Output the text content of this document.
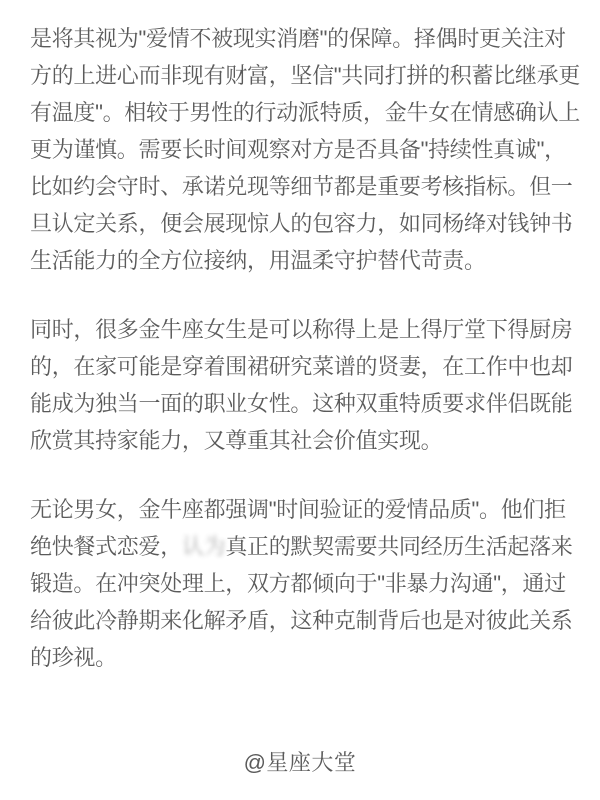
是将其视为"爱情不被现实消磨"的保障。择偶时更关注对
方的上进心而非现有财富，坚信"共同打拼的积蓄比继承更
有温度"。相较于男性的行动派特质，金牛女在情感确认上
更为谨慎。需要长时间观察对方是否具备"持续性真诚"，
比如约会守时、承诺兑现等细节都是重要考核指标。但一
旦认定关系，便会展现惊人的包容力，如同杨绛对钱钟书
生活能力的全方位接纳，用温柔守护替代苛责。
同时，很多金牛座女生是可以称得上是上得厅堂下得厨房
的，在家可能是穿着围裙研究菜谱的贤妻，在工作中也却
能成为独当一面的职业女性。这种双重特质要求伴侣既能
欣赏其持家能力，又尊重其社会价值实现。
无论男女，金牛座都强调"时间验证的爱情品质"。他们拒
绝快餐式恋爱，认为真正的默契需要共同经历生活起落来
锻造。在冲突处理上，双方都倾向于"非暴力沟通"，通过
给彼此冷静期来化解矛盾，这种克制背后也是对彼此关系
的珍视。
@星座大堂
